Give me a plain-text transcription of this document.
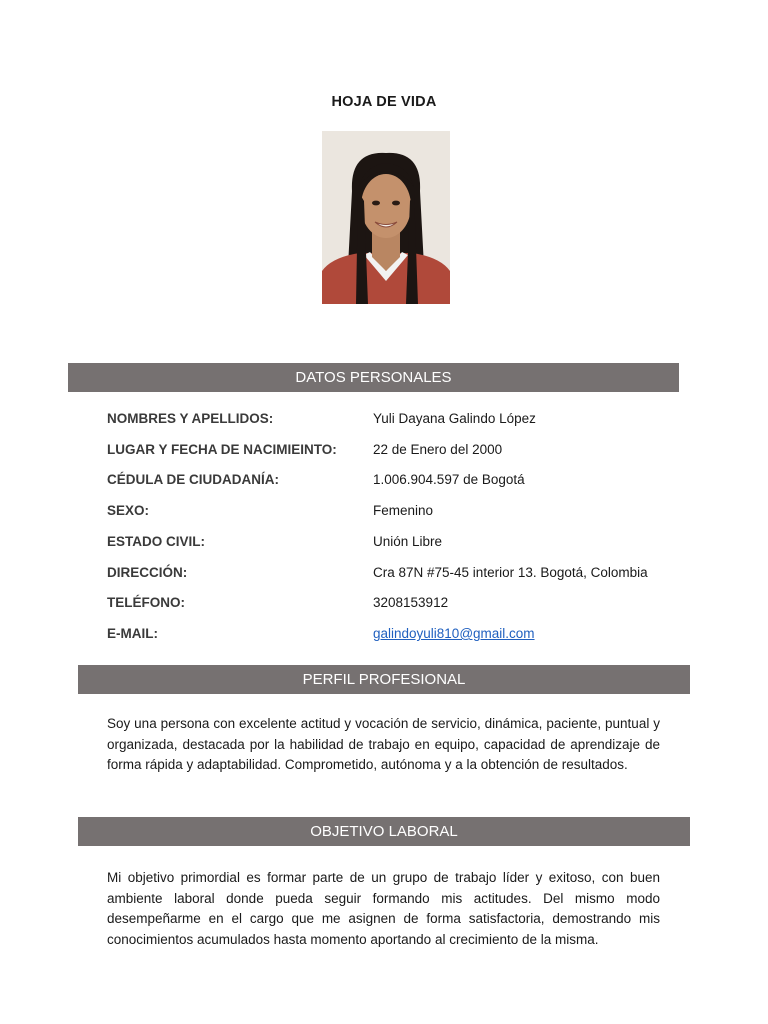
HOJA DE VIDA
DATOS PERSONALES
NOMBRES Y APELLIDOS:	Yuli Dayana Galindo López
LUGAR Y FECHA DE NACIMIEINTO:	22 de Enero del 2000
CÉDULA DE CIUDADANÍA:	1.006.904.597 de Bogotá
SEXO:	Femenino
ESTADO CIVIL:	Unión Libre
DIRECCIÓN:	Cra 87N #75-45 interior 13. Bogotá, Colombia
TELÉFONO:	3208153912
E-MAIL:	galindoyuli810@gmail.com
PERFIL PROFESIONAL
Soy una persona con excelente actitud y vocación de servicio, dinámica, paciente, puntual y organizada, destacada por la habilidad de trabajo en equipo, capacidad de aprendizaje de forma rápida y adaptabilidad. Comprometido, autónoma y a la obtención de resultados.
OBJETIVO LABORAL
Mi objetivo primordial es formar parte de un grupo de trabajo líder y exitoso, con buen ambiente laboral donde pueda seguir formando mis actitudes. Del mismo modo desempeñarme en el cargo que me asignen de forma satisfactoria, demostrando mis conocimientos acumulados hasta momento aportando al crecimiento de la misma.
